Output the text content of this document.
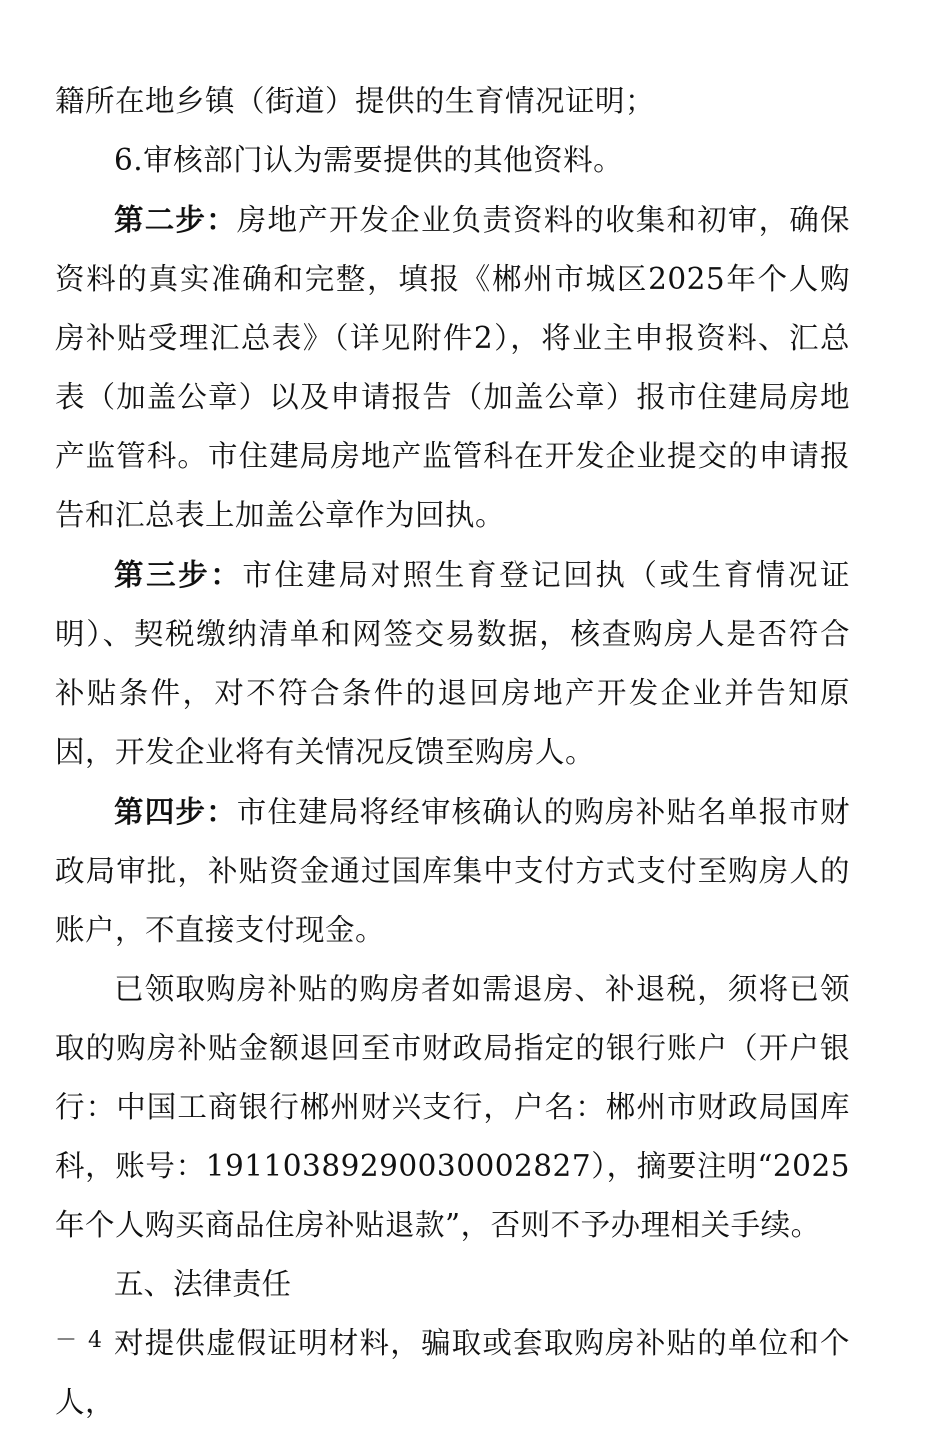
籍所在地乡镇（街道）提供的生育情况证明；

6.审核部门认为需要提供的其他资料。

第二步：房地产开发企业负责资料的收集和初审，确保资料的真实准确和完整，填报《郴州市城区2025年个人购房补贴受理汇总表》（详见附件2），将业主申报资料、汇总表（加盖公章）以及申请报告（加盖公章）报市住建局房地产监管科。市住建局房地产监管科在开发企业提交的申请报告和汇总表上加盖公章作为回执。

第三步：市住建局对照生育登记回执（或生育情况证明）、契税缴纳清单和网签交易数据，核查购房人是否符合补贴条件，对不符合条件的退回房地产开发企业并告知原因，开发企业将有关情况反馈至购房人。

第四步：市住建局将经审核确认的购房补贴名单报市财政局审批，补贴资金通过国库集中支付方式支付至购房人的账户，不直接支付现金。

已领取购房补贴的购房者如需退房、补退税，须将已领取的购房补贴金额退回至市财政局指定的银行账户（开户银行：中国工商银行郴州财兴支行，户名：郴州市财政局国库科，账号：19110389290030002827），摘要注明“2025年个人购买商品住房补贴退款”，否则不予办理相关手续。

五、法律责任

对提供虚假证明材料，骗取或套取购房补贴的单位和个人，

－ 4 －
